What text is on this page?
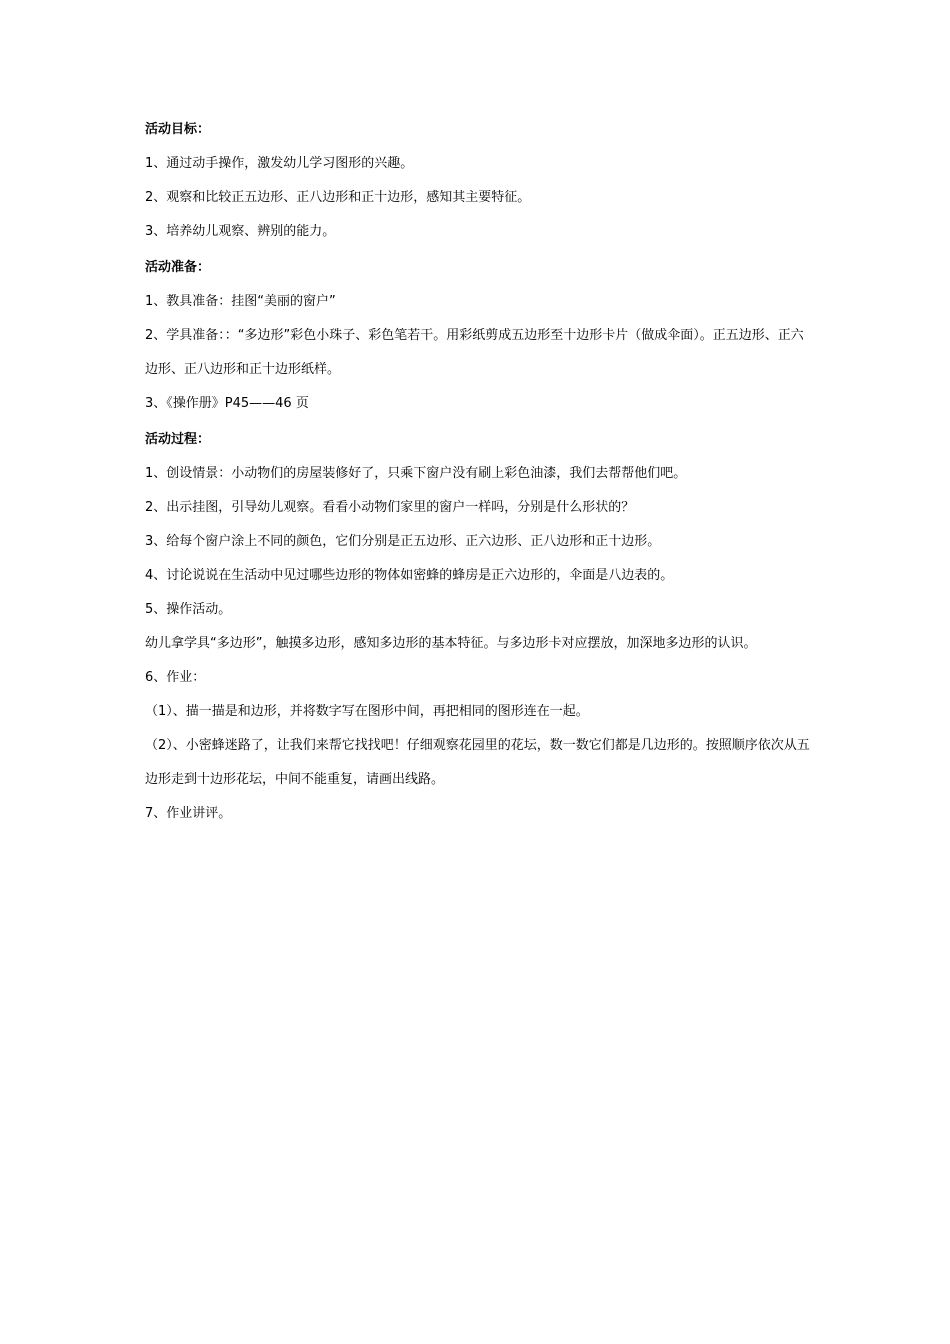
活动目标：
1、通过动手操作，激发幼儿学习图形的兴趣。
2、观察和比较正五边形、正八边形和正十边形，感知其主要特征。
3、培养幼儿观察、辨别的能力。
活动准备：
1、教具准备：挂图“美丽的窗户”
2、学具准备：：“多边形”彩色小珠子、彩色笔若干。用彩纸剪成五边形至十边形卡片（做成伞面）。正五边形、正六边形、正八边形和正十边形纸样。
3、《操作册》P45——46 页
活动过程：
1、创设情景：小动物们的房屋装修好了，只乘下窗户没有刷上彩色油漆，我们去帮帮他们吧。
2、出示挂图，引导幼儿观察。看看小动物们家里的窗户一样吗，分别是什么形状的？
3、给每个窗户涂上不同的颜色，它们分别是正五边形、正六边形、正八边形和正十边形。
4、讨论说说在生活动中见过哪些边形的物体如密蜂的蜂房是正六边形的，伞面是八边表的。
5、操作活动。
幼儿拿学具“多边形”，触摸多边形，感知多边形的基本特征。与多边形卡对应摆放，加深地多边形的认识。
6、作业：
（1）、描一描是和边形，并将数字写在图形中间，再把相同的图形连在一起。
（2）、小密蜂迷路了，让我们来帮它找找吧！仔细观察花园里的花坛，数一数它们都是几边形的。按照顺序依次从五边形走到十边形花坛，中间不能重复，请画出线路。
7、作业讲评。
